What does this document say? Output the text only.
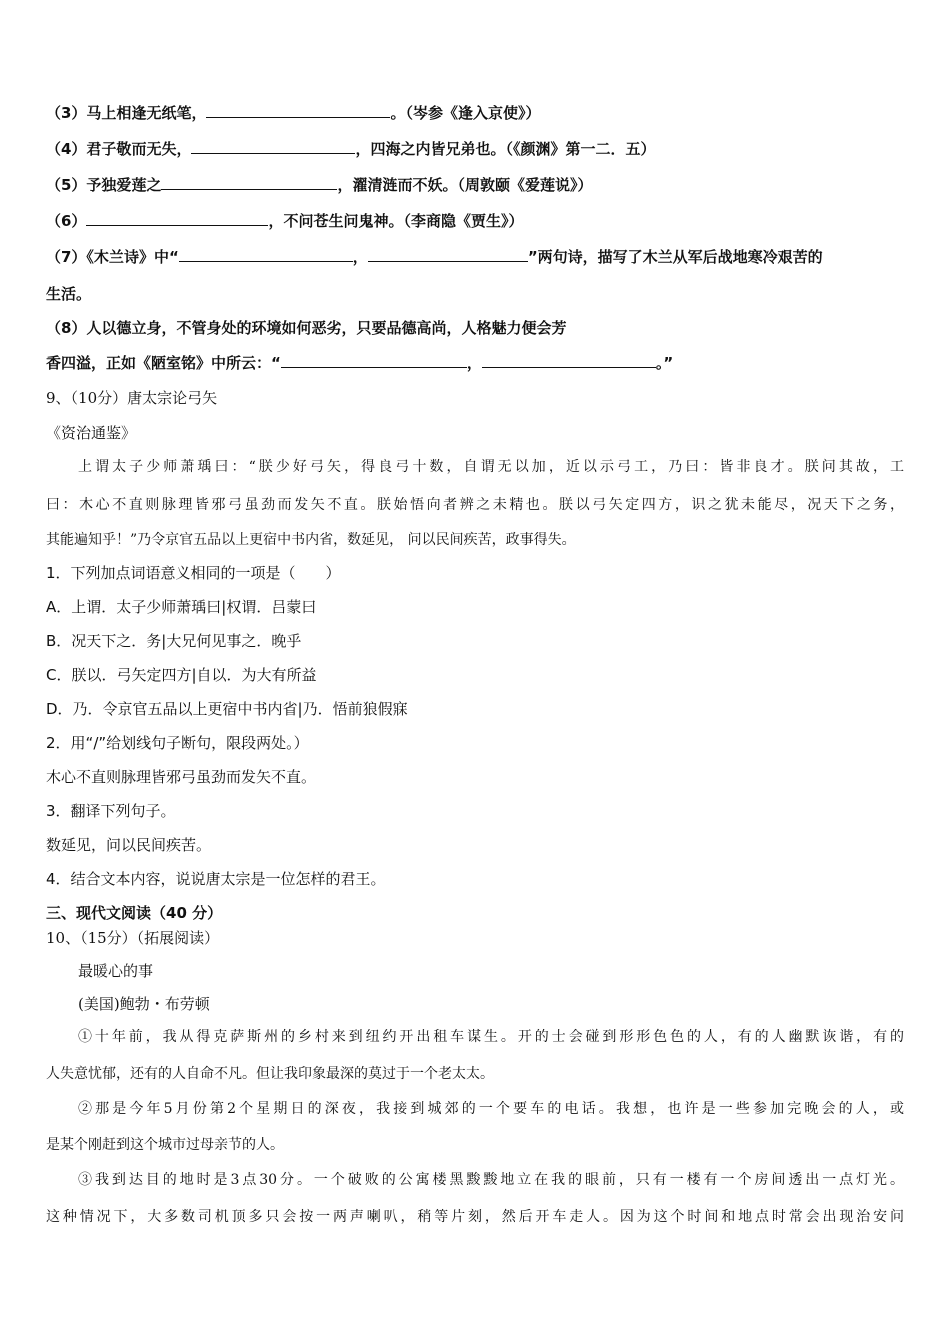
（3）马上相逢无纸笔，	。（岑参《逢入京使》）
（4）君子敬而无失，	，四海之内皆兄弟也。（《颜渊》第一二．五）
（5）予独爱莲之	，濯清涟而不妖。（周敦颐《爱莲说》）
（6）	，不问苍生问鬼神。（李商隐《贾生》）
（7）《木兰诗》中“	，	”两句诗，描写了木兰从军后战地寒冷艰苦的
生活。
（8）人以德立身，不管身处的环境如何恶劣，只要品德高尚，人格魅力便会芳
香四溢，正如《陋室铭》中所云：“	，	。”
9、（10分）唐太宗论弓矢
《资治通鉴》
上谓太子少师萧瑀曰：“朕少好弓矢，得良弓十数，自谓无以加，近以示弓工，乃曰：皆非良才。朕问其故，工
曰：木心不直则脉理皆邪弓虽劲而发矢不直。朕始悟向者辨之未精也。朕以弓矢定四方，识之犹未能尽，况天下之务，
其能遍知乎！”乃令京官五品以上更宿中书内省，数延见， 问以民间疾苦，政事得失。
1．下列加点词语意义相同的一项是（　　）
A．上谓．太子少师萧瑀曰|权谓．吕蒙曰
B．况天下之．务|大兄何见事之．晚乎
C．朕以．弓矢定四方|自以．为大有所益
D．乃．令京官五品以上更宿中书内省|乃．悟前狼假寐
2．用“/”给划线句子断句，限段两处。）
木心不直则脉理皆邪弓虽劲而发矢不直。
3．翻译下列句子。
数延见，问以民间疾苦。
4．结合文本内容，说说唐太宗是一位怎样的君王。
三、现代文阅读（40 分）
10、（15分）（拓展阅读）
最暖心的事
(美国)鲍勃・布劳顿
①十年前，我从得克萨斯州的乡村来到纽约开出租车谋生。开的士会碰到形形色色的人，有的人幽默诙谐，有的
人失意忧郁，还有的人自命不凡。但让我印象最深的莫过于一个老太太。
②那是今年5月份第2个星期日的深夜，我接到城郊的一个要车的电话。我想，也许是一些参加完晚会的人，或
是某个刚赶到这个城市过母亲节的人。
③我到达目的地时是3点30分。一个破败的公寓楼黑黢黢地立在我的眼前，只有一楼有一个房间透出一点灯光。
这种情况下，大多数司机顶多只会按一两声喇叭，稍等片刻，然后开车走人。因为这个时间和地点时常会出现治安问
